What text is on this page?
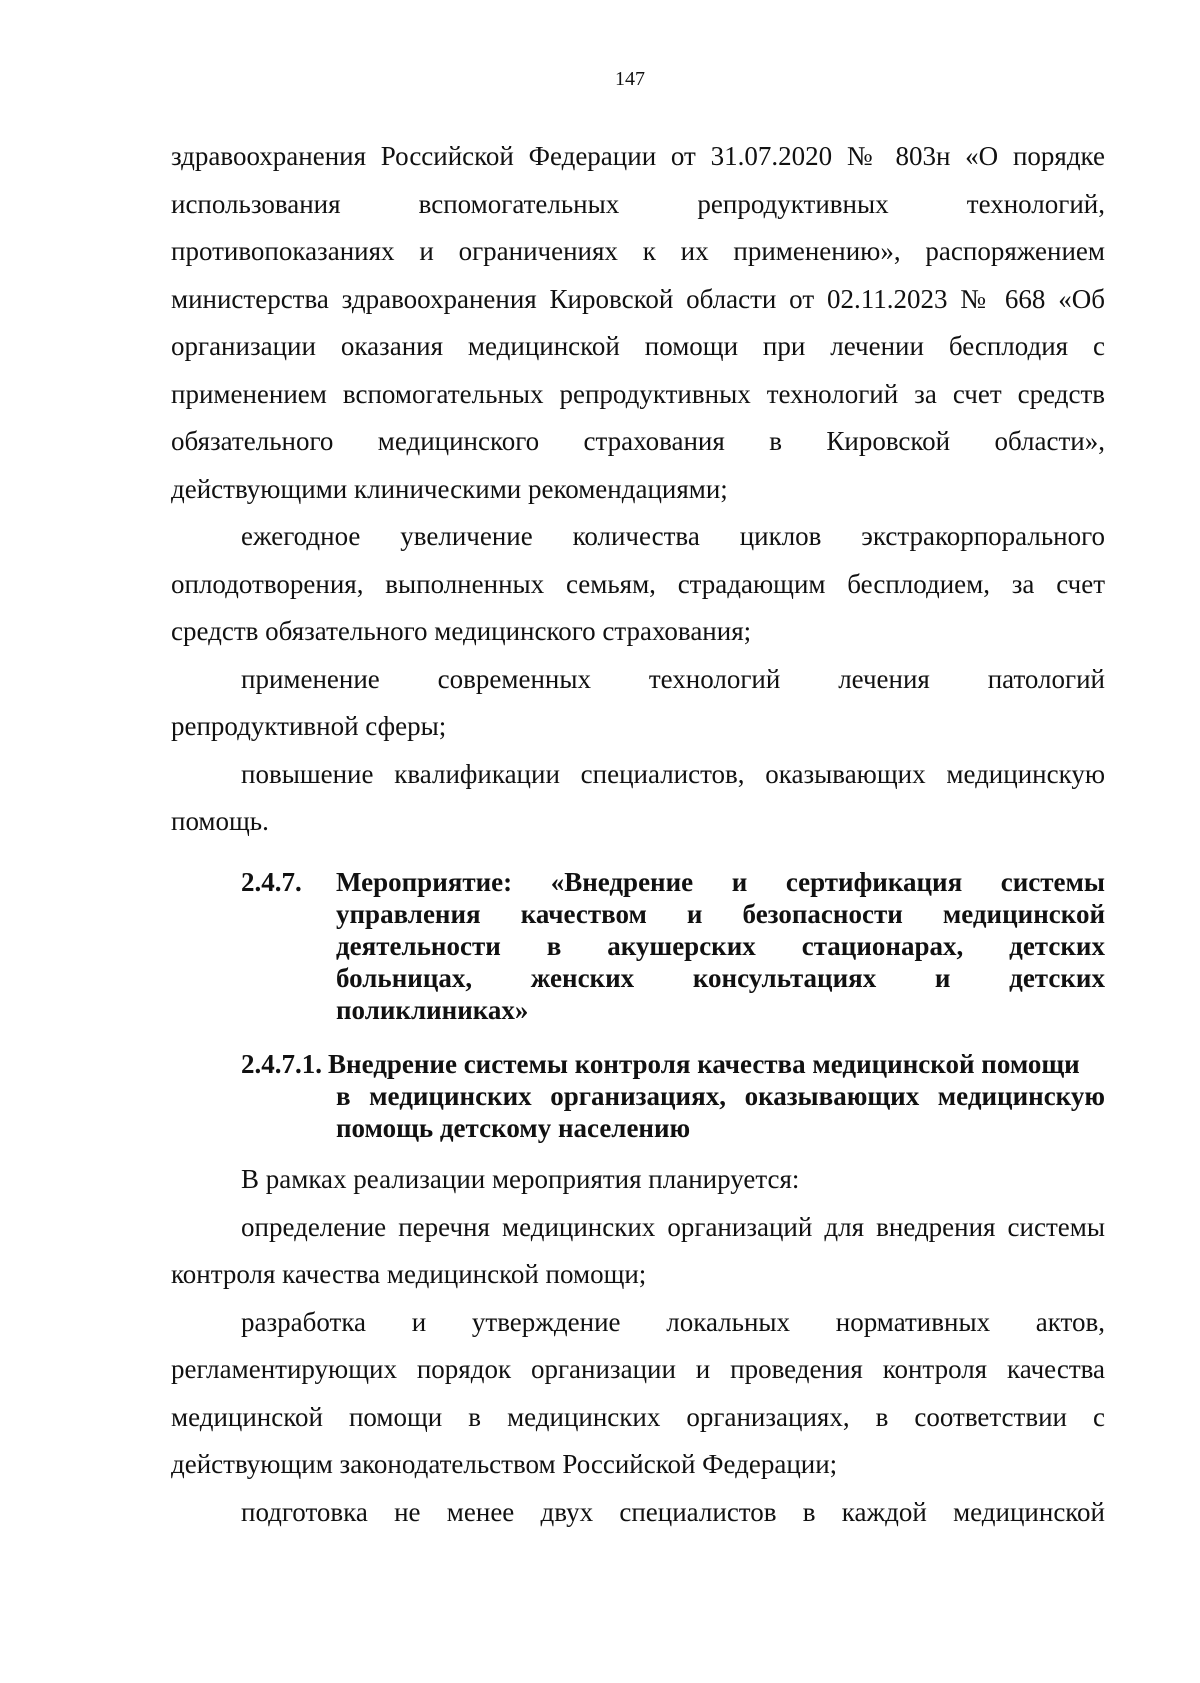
147
здравоохранения Российской Федерации от 31.07.2020 № 803н «О порядке
использования вспомогательных репродуктивных технологий,
противопоказаниях и ограничениях к их применению», распоряжением
министерства здравоохранения Кировской области от 02.11.2023 № 668 «Об
организации оказания медицинской помощи при лечении бесплодия с
применением вспомогательных репродуктивных технологий за счет средств
обязательного медицинского страхования в Кировской области»,
действующими клиническими рекомендациями;
ежегодное увеличение количества циклов экстракорпорального
оплодотворения, выполненных семьям, страдающим бесплодием, за счет
средств обязательного медицинского страхования;
применение современных технологий лечения патологий
репродуктивной сферы;
повышение квалификации специалистов, оказывающих медицинскую
помощь.
2.4.7. Мероприятие: «Внедрение и сертификация системы
управления качеством и безопасности медицинской
деятельности в акушерских стационарах, детских
больницах, женских консультациях и детских
поликлиниках»
2.4.7.1. Внедрение системы контроля качества медицинской помощи
в медицинских организациях, оказывающих медицинскую
помощь детскому населению
В рамках реализации мероприятия планируется:
определение перечня медицинских организаций для внедрения системы
контроля качества медицинской помощи;
разработка и утверждение локальных нормативных актов,
регламентирующих порядок организации и проведения контроля качества
медицинской помощи в медицинских организациях, в соответствии с
действующим законодательством Российской Федерации;
подготовка не менее двух специалистов в каждой медицинской
